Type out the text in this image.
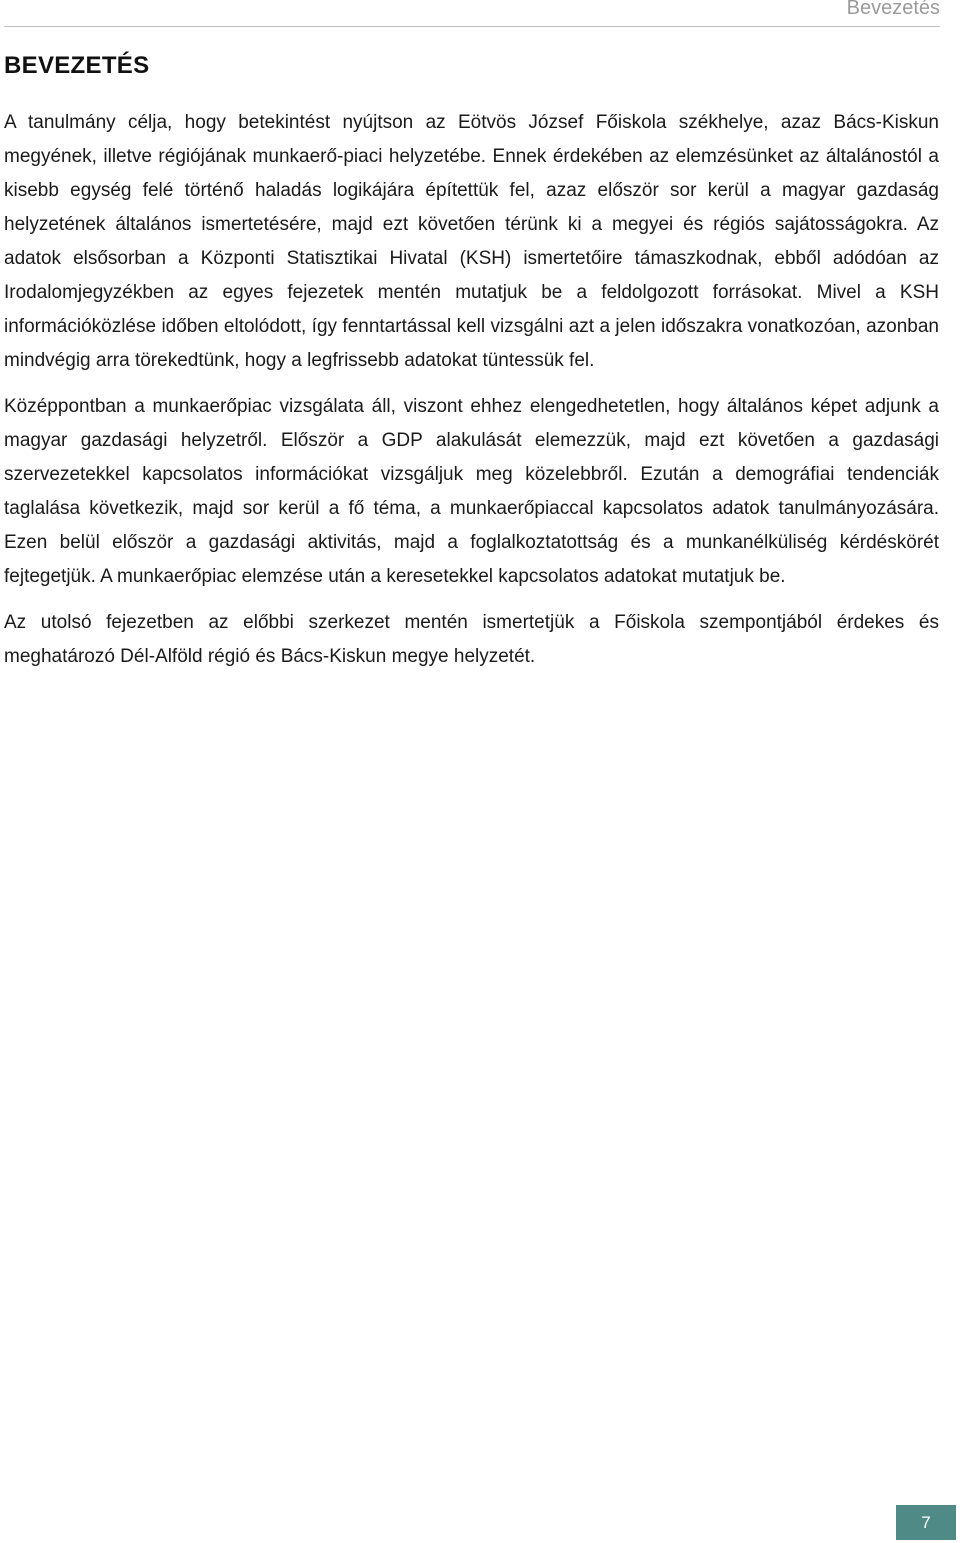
Bevezetés
BEVEZETÉS

A tanulmány célja, hogy betekintést nyújtson az Eötvös József Főiskola székhelye, azaz Bács-Kiskun megyének, illetve régiójának munkaerő-piaci helyzetébe. Ennek érdekében az elemzésünket az általánostól a kisebb egység felé történő haladás logikájára építettük fel, azaz először sor kerül a magyar gazdaság helyzetének általános ismertetésére, majd ezt követően térünk ki a megyei és régiós sajátosságokra. Az adatok elsősorban a Központi Statisztikai Hivatal (KSH) ismertetőire támaszkodnak, ebből adódóan az Irodalomjegyzékben az egyes fejezetek mentén mutatjuk be a feldolgozott forrásokat. Mivel a KSH információközlése időben eltolódott, így fenntartással kell vizsgálni azt a jelen időszakra vonatkozóan, azonban mindvégig arra törekedtünk, hogy a legfrissebb adatokat tüntessük fel.

Középpontban a munkaerőpiac vizsgálata áll, viszont ehhez elengedhetetlen, hogy általános képet adjunk a magyar gazdasági helyzetről. Először a GDP alakulását elemezzük, majd ezt követően a gazdasági szervezetekkel kapcsolatos információkat vizsgáljuk meg közelebbről. Ezután a demográfiai tendenciák taglalása következik, majd sor kerül a fő téma, a munkaerőpiaccal kapcsolatos adatok tanulmányozására. Ezen belül először a gazdasági aktivitás, majd a foglalkoztatottság és a munkanélküliség kérdéskörét fejtegetjük. A munkaerőpiac elemzése után a keresetekkel kapcsolatos adatokat mutatjuk be.

Az utolsó fejezetben az előbbi szerkezet mentén ismertetjük a Főiskola szempontjából érdekes és meghatározó Dél-Alföld régió és Bács-Kiskun megye helyzetét.

7
